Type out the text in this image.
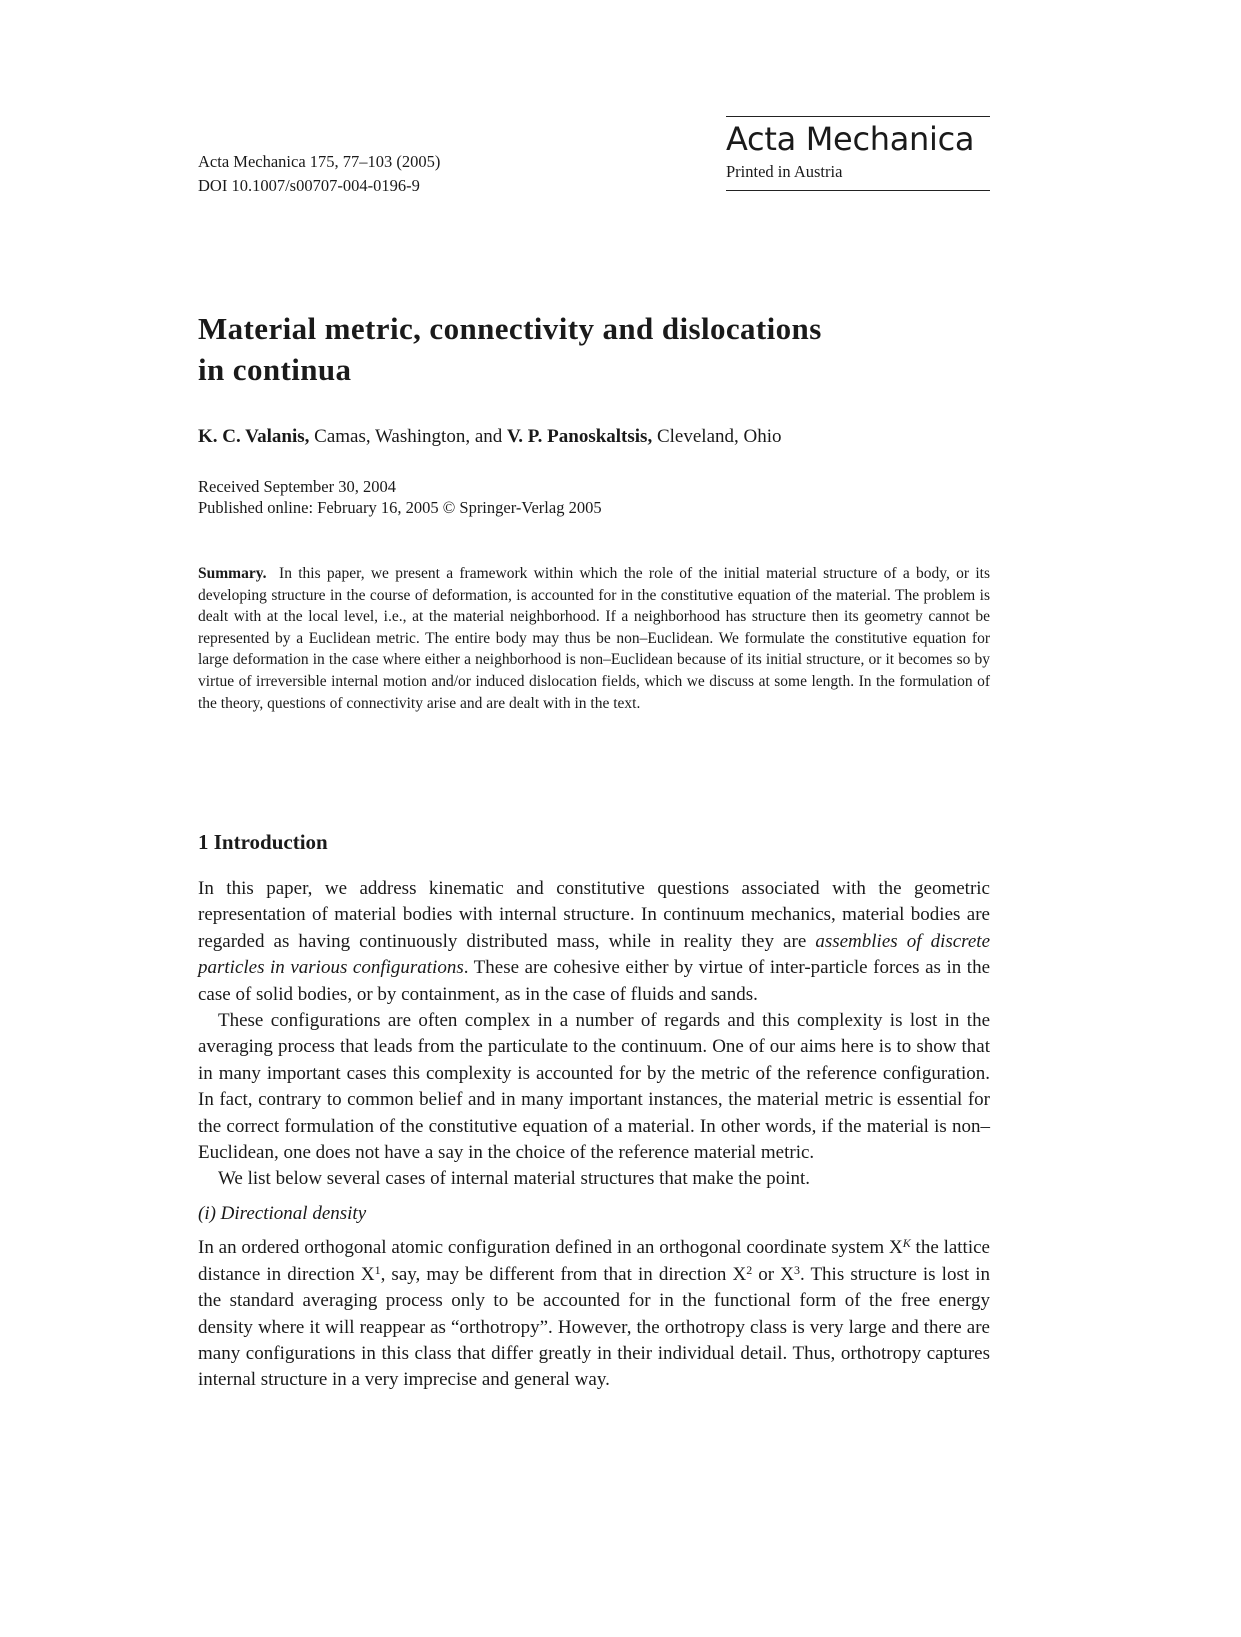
Acta Mechanica 175, 77–103 (2005)
DOI 10.1007/s00707-004-0196-9
Acta Mechanica
Printed in Austria
Material metric, connectivity and dislocations
in continua
K. C. Valanis, Camas, Washington, and V. P. Panoskaltsis, Cleveland, Ohio
Received September 30, 2004
Published online: February 16, 2005 © Springer-Verlag 2005
Summary. In this paper, we present a framework within which the role of the initial material structure of a body, or its developing structure in the course of deformation, is accounted for in the constitutive equation of the material. The problem is dealt with at the local level, i.e., at the material neighborhood. If a neighborhood has structure then its geometry cannot be represented by a Euclidean metric. The entire body may thus be non–Euclidean. We formulate the constitutive equation for large deformation in the case where either a neighborhood is non–Euclidean because of its initial structure, or it becomes so by virtue of irreversible internal motion and/or induced dislocation fields, which we discuss at some length. In the formulation of the theory, questions of connectivity arise and are dealt with in the text.
1 Introduction

In this paper, we address kinematic and constitutive questions associated with the geometric representation of material bodies with internal structure. In continuum mechanics, material bodies are regarded as having continuously distributed mass, while in reality they are assemblies of discrete particles in various configurations. These are cohesive either by virtue of inter-particle forces as in the case of solid bodies, or by containment, as in the case of fluids and sands.

These configurations are often complex in a number of regards and this complexity is lost in the averaging process that leads from the particulate to the continuum. One of our aims here is to show that in many important cases this complexity is accounted for by the metric of the reference configuration. In fact, contrary to common belief and in many important instances, the material metric is essential for the correct formulation of the constitutive equation of a material. In other words, if the material is non–Euclidean, one does not have a say in the choice of the reference material metric.

We list below several cases of internal material structures that make the point.

(i) Directional density

In an ordered orthogonal atomic configuration defined in an orthogonal coordinate system $X^K$ the lattice distance in direction $X^1$, say, may be different from that in direction $X^2$ or $X^3$. This structure is lost in the standard averaging process only to be accounted for in the functional form of the free energy density where it will reappear as “orthotropy”. However, the orthotropy class is very large and there are many configurations in this class that differ greatly in their individual detail. Thus, orthotropy captures internal structure in a very imprecise and general way.
